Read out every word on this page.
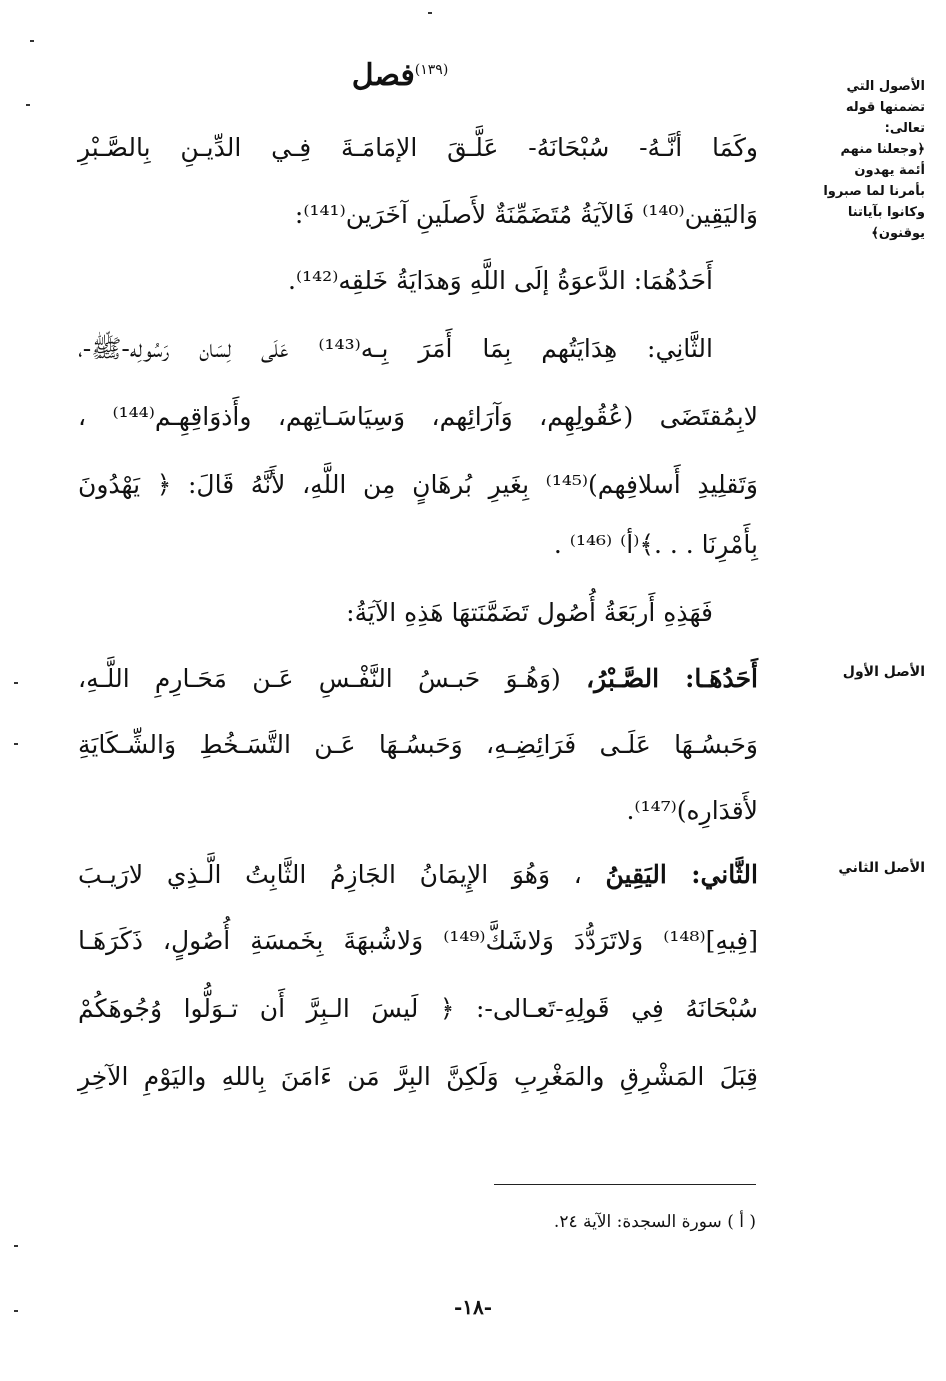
$^{(١٣٩)}$فصل
وكَمَا أنَّـهُ- سُبْحَانَهُ- عَلَّـقَ الإمَامَـةَ فِـي الدِّيـنِ بِالصَّـبْرِ
وَاليَقِين⁽¹⁴⁰⁾ فَالآيَةُ مُتَضَمِّنَةٌ لأَصلَينِ آخَرَين⁽¹⁴¹⁾:
أَحَدُهُمَا: الدَّعوَةُ إلَى اللَّهِ وَهدَايَةُ خَلقِه⁽¹⁴²⁾.
الثَّانِي: هِدَايَتُهم بِمَا أَمَرَ بِـه⁽¹⁴³⁾ عَلَى لِسَان رَسُولِه-ﷺ-،
لابِمُقتَضَى (عُقُولِهِم، وَآرَائِهم، وَسِيَاسَـاتِهم، وأَذوَاقِهِـم⁽¹⁴⁴⁾ ،
وَتَقلِيدِ أَسلافِهم)⁽¹⁴⁵⁾ بِغَيرِ بُرهَانٍ مِن اللَّهِ، لأَنَّهُ قَالَ: ﴿ يَهْدُونَ
بِأَمْرِنَا . . .﴾⁽أ⁾ ⁽¹⁴⁶⁾ .
فَهَذِهِ أَربَعَةُ أُصُول تَضَمَّنَتهَا هَذِهِ الآيَةُ:
أَحَدُهَـا: الصَّـبْرُ، (وَهُـوَ حَبـسُ النَّفْـسِ عَـن مَحَـارِمِ اللَّـهِ،
وَحَبسُـهَا عَلَـى فَرَائِضِـهِ، وَحَبسُـهَا عَـن التَّسَـخُطِ وَالشِّـكَايَةِ
لأَقدَارِه)⁽¹⁴⁷⁾.
الثَّاني: اليَقِينُ ، وَهُوَ الإِيمَانُ الجَازِمُ الثَّابِتُ الَّـذِي لارَيـبَ
[فِيهِ]⁽¹⁴⁸⁾ وَلاتَرَدُّدَ وَلاشَكَّ⁽¹⁴⁹⁾ وَلاشُبهَةَ بِخَمسَةِ أُصُولٍ، ذَكَرَهَـا
سُبْحَانَهُ فِي قَولِهِ-تَعـالى-: ﴿ لَيسَ الـبِرَّ أَن تـوَلُّوا وُجُوهَكُمْ
قِبَلَ المَشْرِقِ والمَغْرِبِ وَلَكِنَّ البِرَّ مَن ءَامَنَ بِاللهِ واليَوْمِ الآخِرِ
الأصول التي
تضمنها قوله
تعالى:
﴿وجعلنا منهم
أئمة يهدون
بأمرنا لما صبروا
وكانوا بآياتنا
يوقنون﴾
الأصل الأول
الأصل الثاني
( أ ) سورة السجدة: الآية ٢٤.
-١٨-
